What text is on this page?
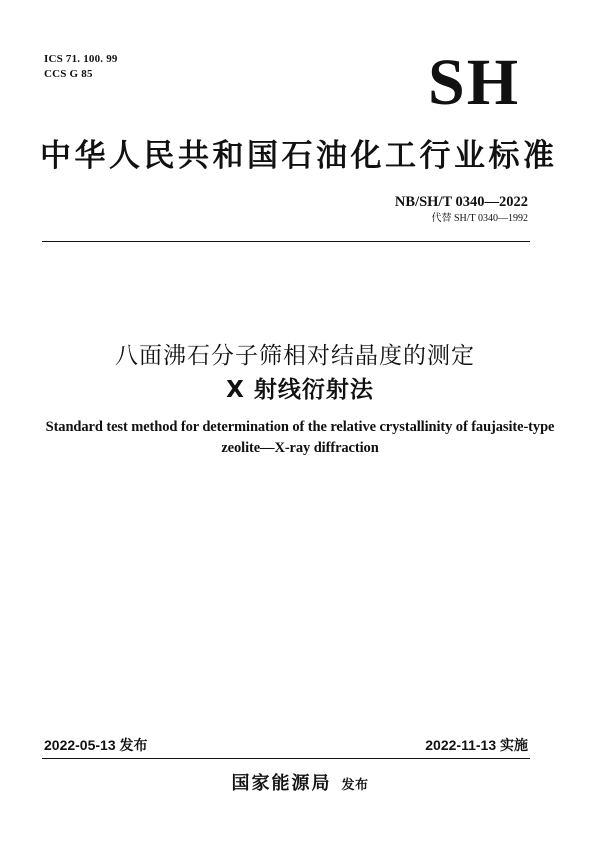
ICS 71. 100. 99
CCS G 85	SH
中华人民共和国石油化工行业标准
NB/SH/T 0340—2022
代替 SH/T 0340—1992
八面沸石分子筛相对结晶度的测定
X 射线衍射法
Standard test method for determination of the relative crystallinity of faujasite-type
zeolite—X-ray diffraction
2022-05-13 发布	2022-11-13 实施
国家能源局 发布
